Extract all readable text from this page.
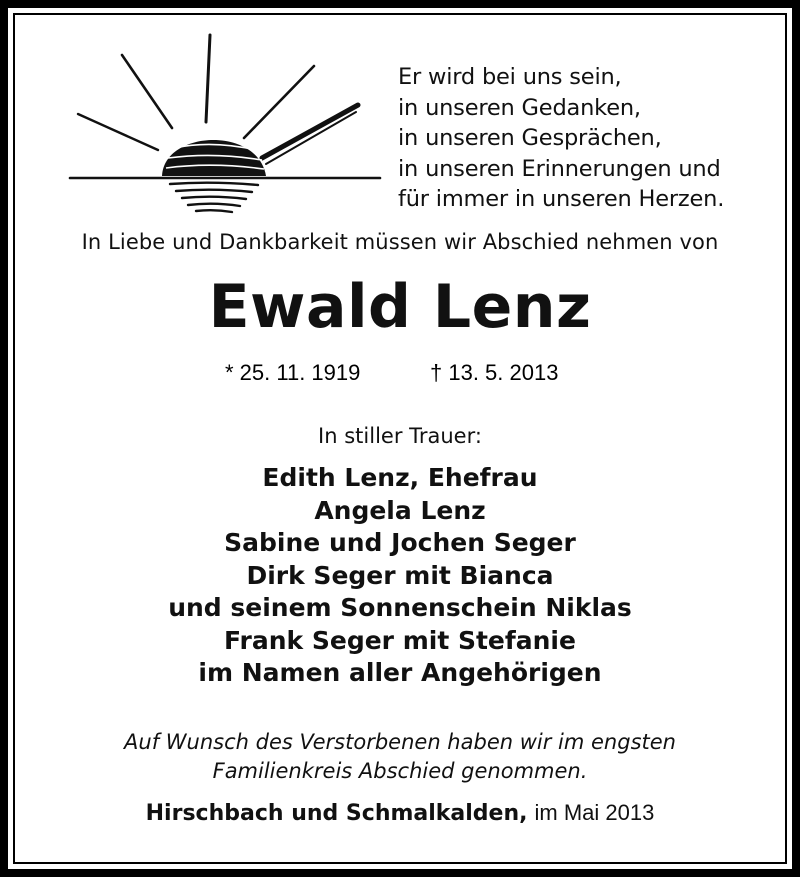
Er wird bei uns sein,
in unseren Gedanken,
in unseren Gesprächen,
in unseren Erinnerungen und
für immer in unseren Herzen.
In Liebe und Dankbarkeit müssen wir Abschied nehmen von
Ewald Lenz
* 25. 11. 1919	† 13. 5. 2013
In stiller Trauer:
Edith Lenz, Ehefrau
Angela Lenz
Sabine und Jochen Seger
Dirk Seger mit Bianca
und seinem Sonnenschein Niklas
Frank Seger mit Stefanie
im Namen aller Angehörigen
Auf Wunsch des Verstorbenen haben wir im engsten
Familienkreis Abschied genommen.
Hirschbach und Schmalkalden, im Mai 2013
